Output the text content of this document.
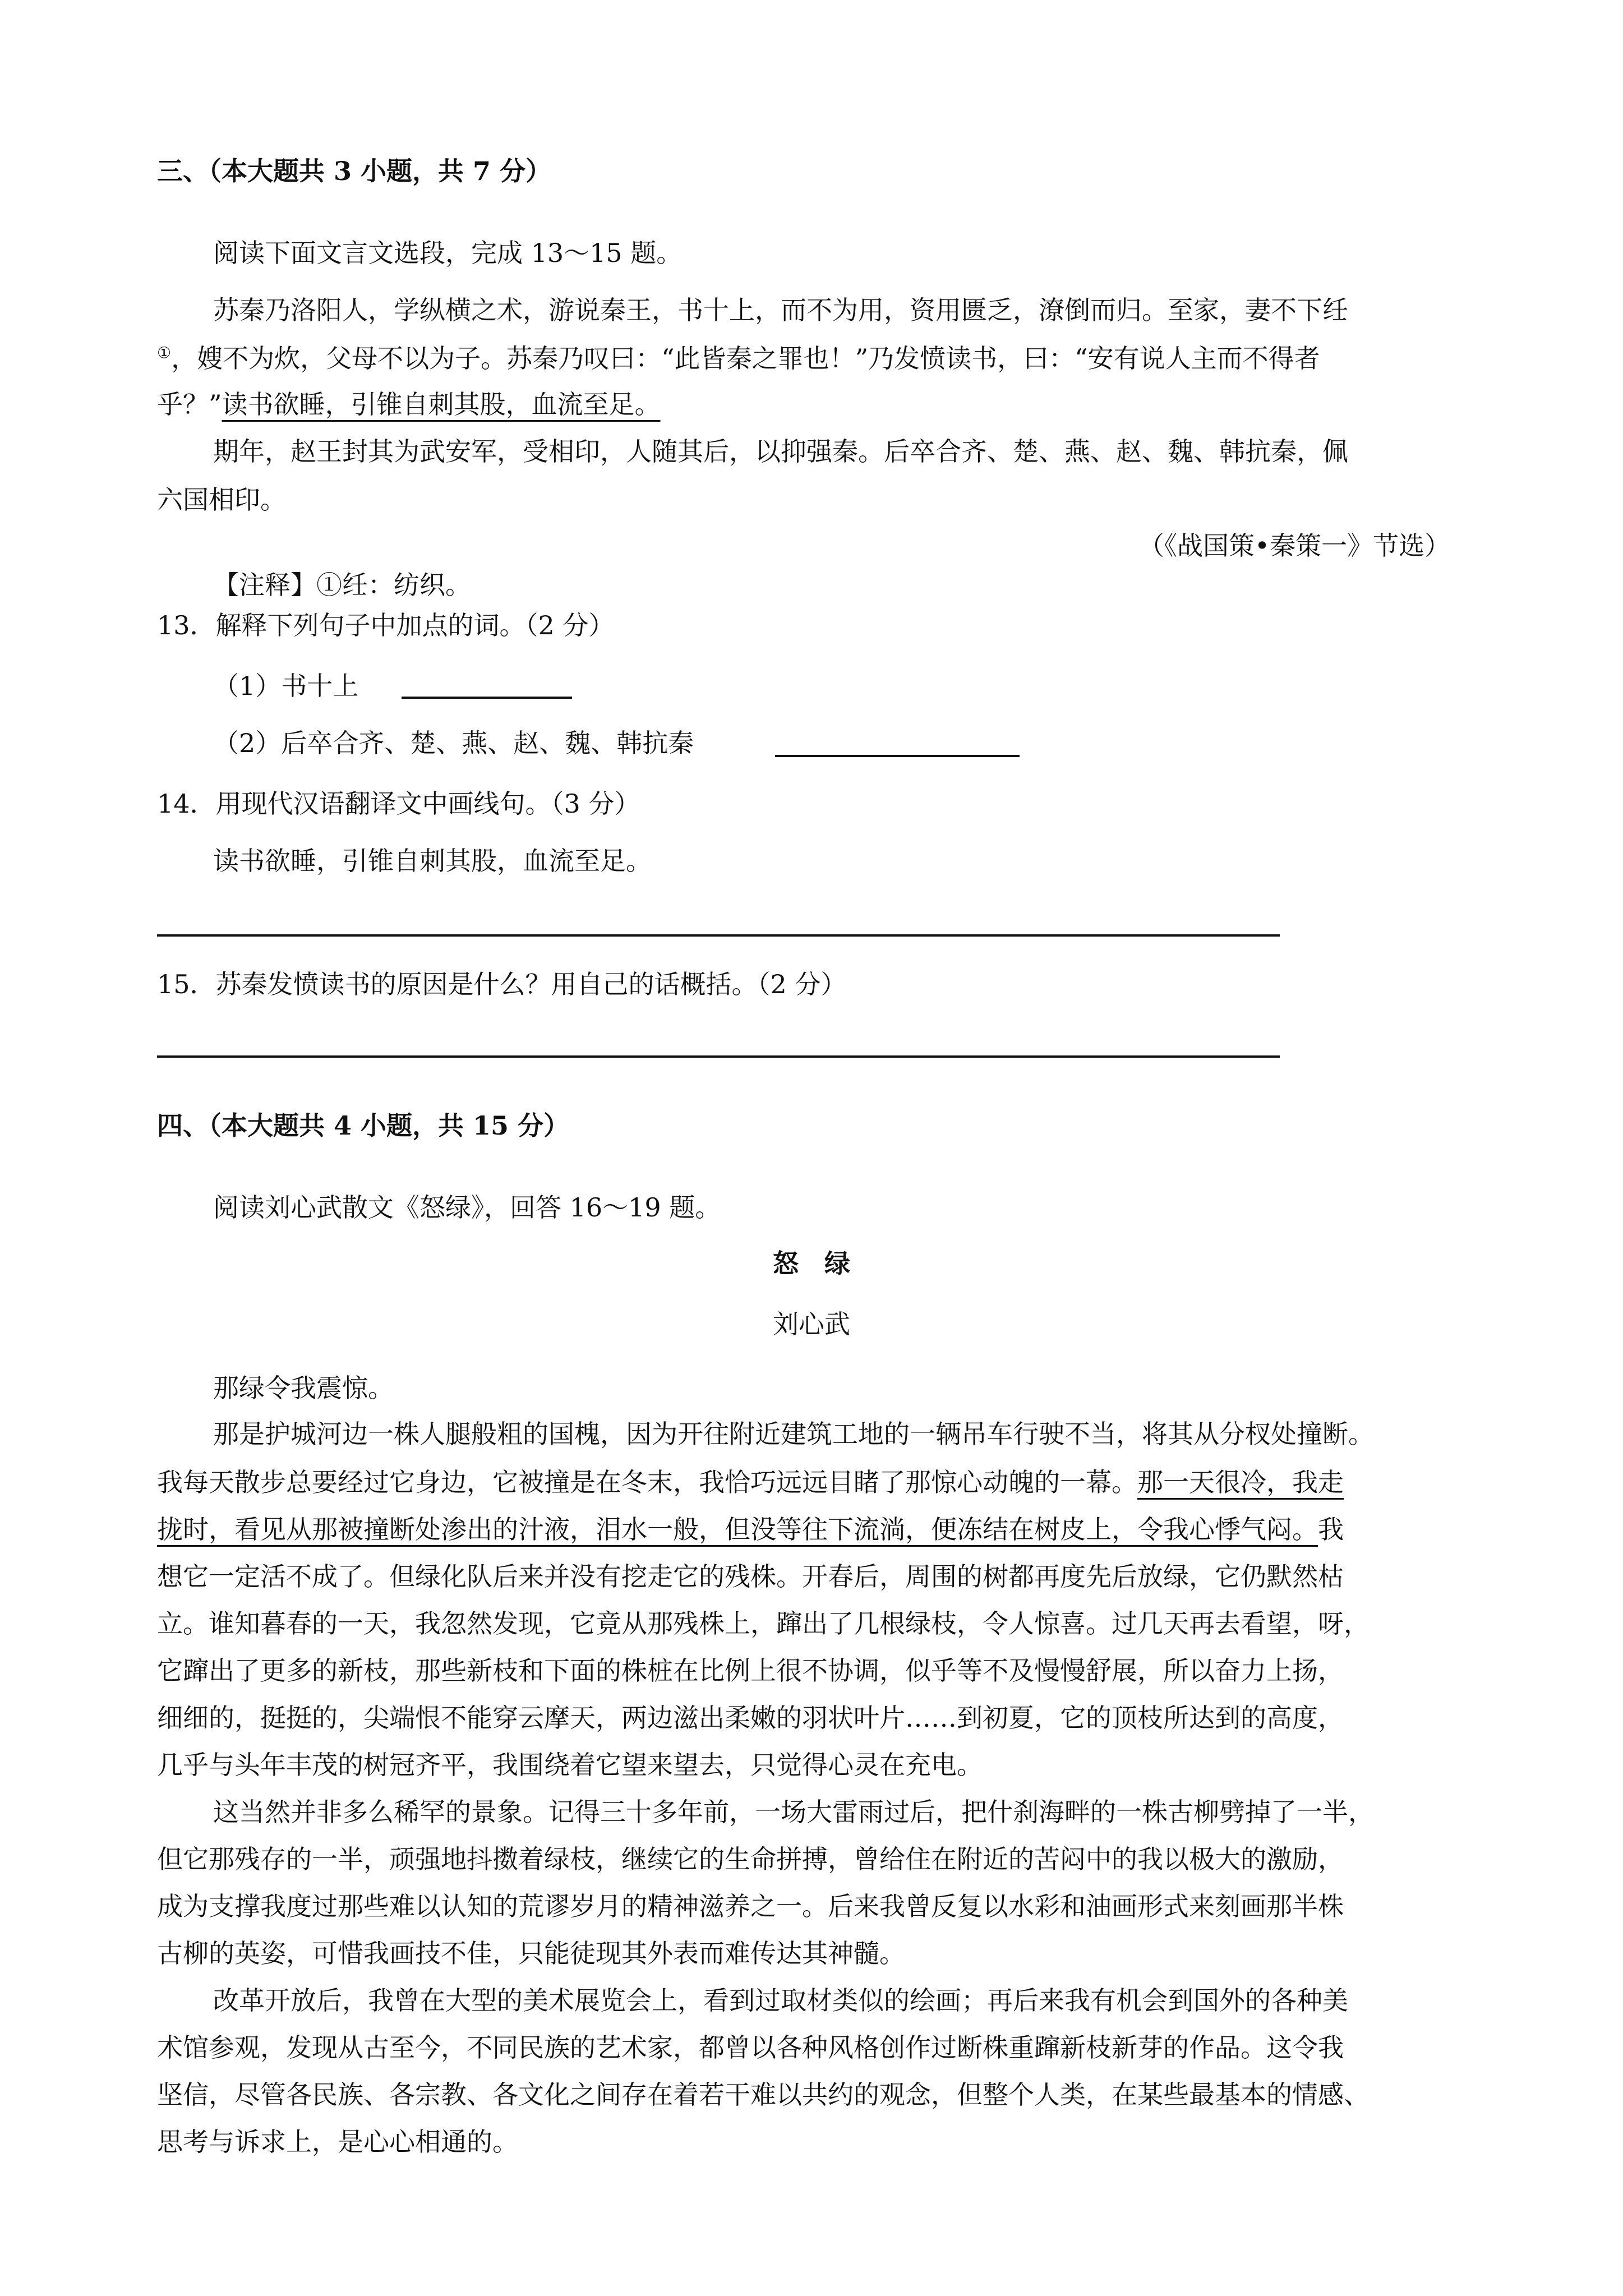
三、（本大题共 3 小题，共 7 分）
阅读下面文言文选段，完成 13～15 题。
苏秦乃洛阳人，学纵横之术，游说秦王，书十上，而不为用，资用匮乏，潦倒而归。至家，妻不下纴
①，嫂不为炊，父母不以为子。苏秦乃叹曰：“此皆秦之罪也！”乃发愤读书，曰：“安有说人主而不得者
乎？”读书欲睡，引锥自刺其股，血流至足。
期年，赵王封其为武安军，受相印，人随其后，以抑强秦。后卒合齐、楚、燕、赵、魏、韩抗秦，佩
六国相印。
（《战国策•秦策一》节选）
【注释】①纴：纺织。
13．解释下列句子中加点的词。（2 分）
（1）书十上
（2）后卒合齐、楚、燕、赵、魏、韩抗秦
14．用现代汉语翻译文中画线句。（3 分）
读书欲睡，引锥自刺其股，血流至足。
15．苏秦发愤读书的原因是什么？用自己的话概括。（2 分）
四、（本大题共 4 小题，共 15 分）
阅读刘心武散文《怒绿》，回答 16～19 题。
怒　绿
刘心武
那绿令我震惊。
那是护城河边一株人腿般粗的国槐，因为开往附近建筑工地的一辆吊车行驶不当，将其从分杈处撞断。
我每天散步总要经过它身边，它被撞是在冬末，我恰巧远远目睹了那惊心动魄的一幕。那一天很冷，我走
拢时，看见从那被撞断处渗出的汁液，泪水一般，但没等往下流淌，便冻结在树皮上，令我心悸气闷。我
想它一定活不成了。但绿化队后来并没有挖走它的残株。开春后，周围的树都再度先后放绿，它仍默然枯
立。谁知暮春的一天，我忽然发现，它竟从那残株上，蹿出了几根绿枝，令人惊喜。过几天再去看望，呀，
它蹿出了更多的新枝，那些新枝和下面的株桩在比例上很不协调，似乎等不及慢慢舒展，所以奋力上扬，
细细的，挺挺的，尖端恨不能穿云摩天，两边滋出柔嫩的羽状叶片……到初夏，它的顶枝所达到的高度，
几乎与头年丰茂的树冠齐平，我围绕着它望来望去，只觉得心灵在充电。
这当然并非多么稀罕的景象。记得三十多年前，一场大雷雨过后，把什刹海畔的一株古柳劈掉了一半，
但它那残存的一半，顽强地抖擞着绿枝，继续它的生命拼搏，曾给住在附近的苦闷中的我以极大的激励，
成为支撑我度过那些难以认知的荒谬岁月的精神滋养之一。后来我曾反复以水彩和油画形式来刻画那半株
古柳的英姿，可惜我画技不佳，只能徒现其外表而难传达其神髓。
改革开放后，我曾在大型的美术展览会上，看到过取材类似的绘画；再后来我有机会到国外的各种美
术馆参观，发现从古至今，不同民族的艺术家，都曾以各种风格创作过断株重蹿新枝新芽的作品。这令我
坚信，尽管各民族、各宗教、各文化之间存在着若干难以共约的观念，但整个人类，在某些最基本的情感、
思考与诉求上，是心心相通的。
